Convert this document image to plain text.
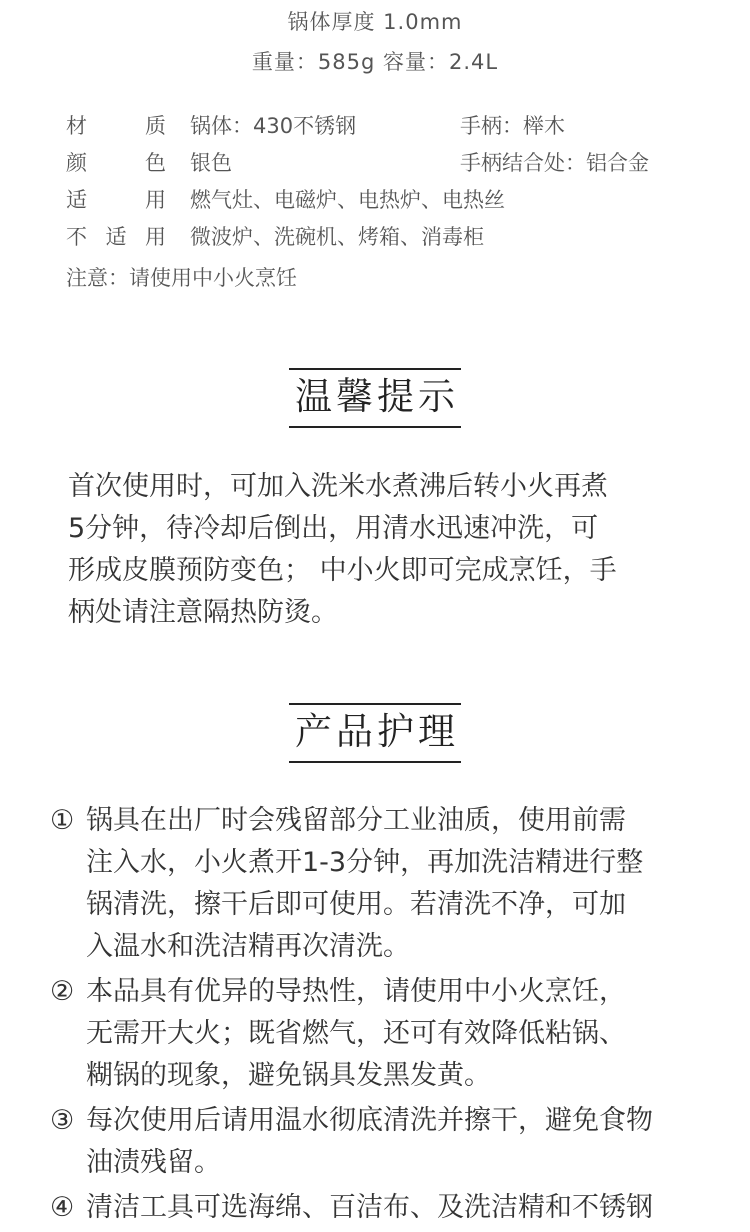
锅体厚度 1.0mm
重量：585g 容量：2.4L
材	质 锅体：430不锈钢	手柄：榉木
颜	色 银色	手柄结合处：铝合金
适	用 燃气灶、电磁炉、电热炉、电热丝
不 适 用 微波炉、洗碗机、烤箱、消毒柜
注意：请使用中小火烹饪
温馨提示
首次使用时，可加入洗米水煮沸后转小火再煮
5分钟，待冷却后倒出，用清水迅速冲洗，可
形成皮膜预防变色； 中小火即可完成烹饪，手
柄处请注意隔热防烫。
产品护理
① 锅具在出厂时会残留部分工业油质，使用前需
注入水，小火煮开1-3分钟，再加洗洁精进行整
锅清洗，擦干后即可使用。若清洗不净，可加
入温水和洗洁精再次清洗。
② 本品具有优异的导热性，请使用中小火烹饪，
无需开大火；既省燃气，还可有效降低粘锅、
糊锅的现象，避免锅具发黑发黄。
③ 每次使用后请用温水彻底清洗并擦干，避免食物
油渍残留。
④ 清洁工具可选海绵、百洁布、及洗洁精和不锈钢
